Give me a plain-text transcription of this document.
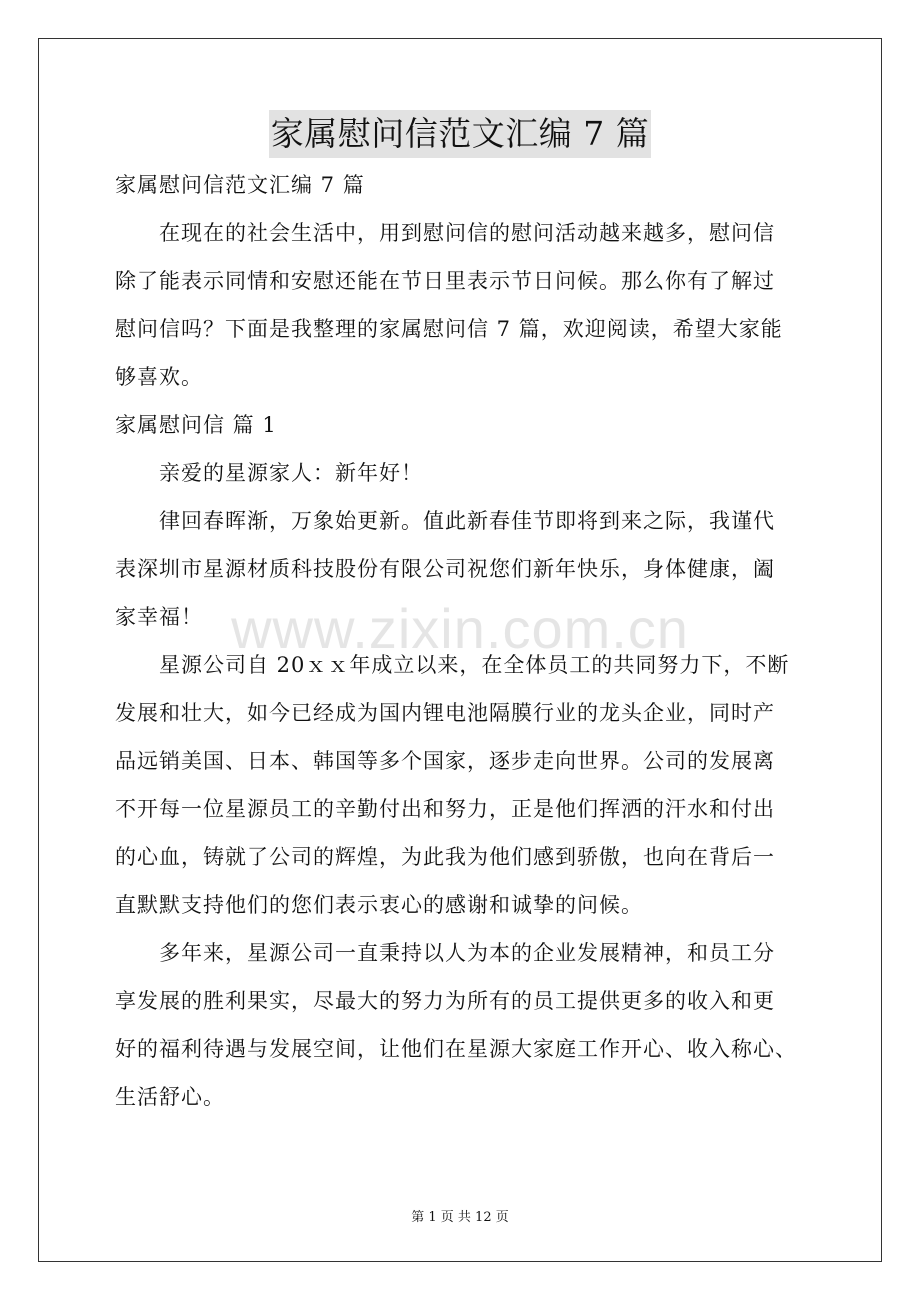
www.zixin.com.cn
家属慰问信范文汇编 7 篇
家属慰问信范文汇编 7 篇
在现在的社会生活中，用到慰问信的慰问活动越来越多，慰问信
除了能表示同情和安慰还能在节日里表示节日问候。那么你有了解过
慰问信吗？下面是我整理的家属慰问信 7 篇，欢迎阅读，希望大家能
够喜欢。
家属慰问信 篇 1
亲爱的星源家人：新年好！
律回春晖渐，万象始更新。值此新春佳节即将到来之际，我谨代
表深圳市星源材质科技股份有限公司祝您们新年快乐，身体健康，阖
家幸福！
星源公司自 20ｘｘ年成立以来，在全体员工的共同努力下，不断
发展和壮大，如今已经成为国内锂电池隔膜行业的龙头企业，同时产
品远销美国、日本、韩国等多个国家，逐步走向世界。公司的发展离
不开每一位星源员工的辛勤付出和努力，正是他们挥洒的汗水和付出
的心血，铸就了公司的辉煌，为此我为他们感到骄傲，也向在背后一
直默默支持他们的您们表示衷心的感谢和诚挚的问候。
多年来，星源公司一直秉持以人为本的企业发展精神，和员工分
享发展的胜利果实，尽最大的努力为所有的员工提供更多的收入和更
好的福利待遇与发展空间，让他们在星源大家庭工作开心、收入称心、
生活舒心。
第 1 页 共 12 页
